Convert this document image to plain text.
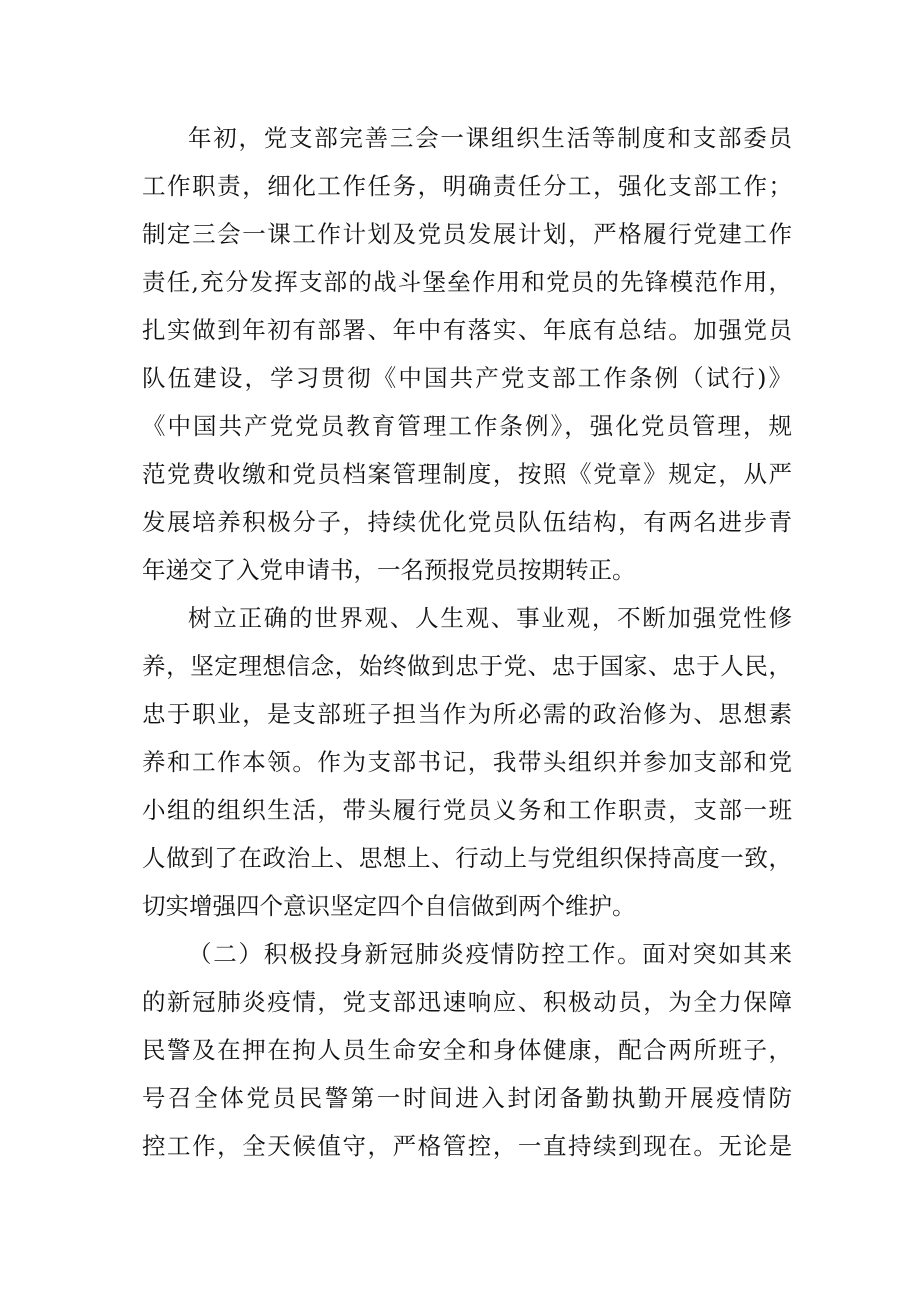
年初，党支部完善三会一课组织生活等制度和支部委员
工作职责，细化工作任务，明确责任分工，强化支部工作；
制定三会一课工作计划及党员发展计划，严格履行党建工作
责任,充分发挥支部的战斗堡垒作用和党员的先锋模范作用，
扎实做到年初有部署、年中有落实、年底有总结。加强党员
队伍建设，学习贯彻《中国共产党支部工作条例（试行)》
《中国共产党党员教育管理工作条例》，强化党员管理，规
范党费收缴和党员档案管理制度，按照《党章》规定，从严
发展培养积极分子，持续优化党员队伍结构，有两名进步青
年递交了入党申请书，一名预报党员按期转正。
树立正确的世界观、人生观、事业观，不断加强党性修
养，坚定理想信念，始终做到忠于党、忠于国家、忠于人民，
忠于职业，是支部班子担当作为所必需的政治修为、思想素
养和工作本领。作为支部书记，我带头组织并参加支部和党
小组的组织生活，带头履行党员义务和工作职责，支部一班
人做到了在政治上、思想上、行动上与党组织保持高度一致，
切实增强四个意识坚定四个自信做到两个维护。
（二）积极投身新冠肺炎疫情防控工作。面对突如其来
的新冠肺炎疫情，党支部迅速响应、积极动员，为全力保障
民警及在押在拘人员生命安全和身体健康，配合两所班子，
号召全体党员民警第一时间进入封闭备勤执勤开展疫情防
控工作，全天候值守，严格管控，一直持续到现在。无论是
